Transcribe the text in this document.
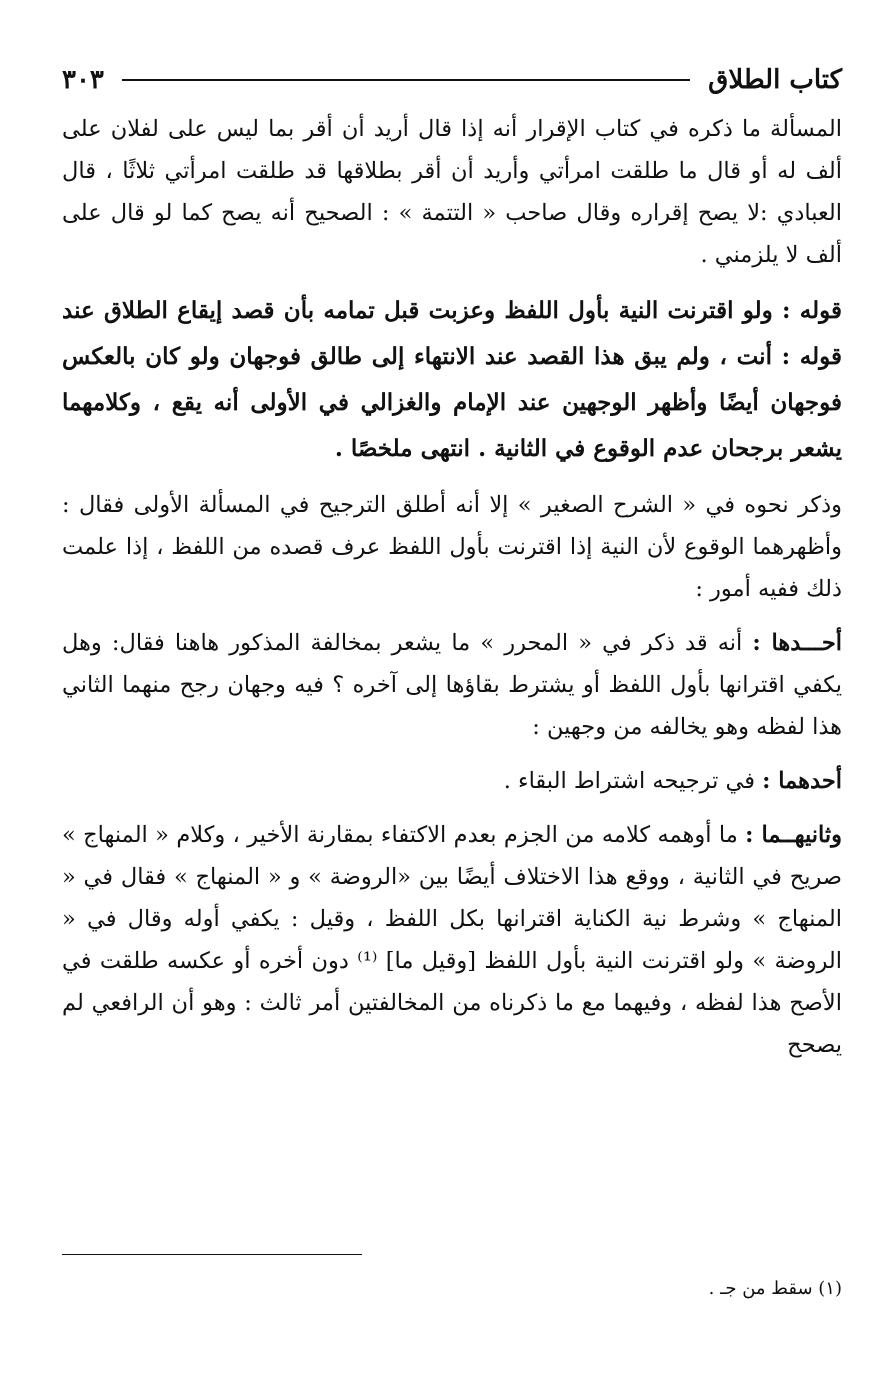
كتاب الطلاق
٣٠٣

المسألة ما ذكره في كتاب الإقرار أنه إذا قال أريد أن أقر بما ليس على لفلان على ألف له أو قال ما طلقت امرأتي وأريد أن أقر بطلاقها قد طلقت امرأتي ثلاثًا ، قال العبادي :لا يصح إقراره وقال صاحب « التتمة » : الصحيح أنه يصح كما لو قال على ألف لا يلزمني .

قوله : ولو اقترنت النية بأول اللفظ وعزبت قبل تمامه بأن قصد إيقاع الطلاق عند قوله : أنت ، ولم يبق هذا القصد عند الانتهاء إلى طالق فوجهان ولو كان بالعكس فوجهان أيضًا وأظهر الوجهين عند الإمام والغزالي في الأولى أنه يقع ، وكلامهما يشعر برجحان عدم الوقوع في الثانية . انتهى ملخصًا .

وذكر نحوه في « الشرح الصغير » إلا أنه أطلق الترجيح في المسألة الأولى فقال : وأظهرهما الوقوع لأن النية إذا اقترنت بأول اللفظ عرف قصده من اللفظ ، إذا علمت ذلك ففيه أمور :

أحـــدها : أنه قد ذكر في « المحرر » ما يشعر بمخالفة المذكور هاهنا فقال: وهل يكفي اقترانها بأول اللفظ أو يشترط بقاؤها إلى آخره ؟ فيه وجهان رجح منهما الثاني هذا لفظه وهو يخالفه من وجهين :

أحدهما : في ترجيحه اشتراط البقاء .

وثانيهــما : ما أوهمه كلامه من الجزم بعدم الاكتفاء بمقارنة الأخير ، وكلام « المنهاج » صريح في الثانية ، ووقع هذا الاختلاف أيضًا بين «الروضة » و « المنهاج » فقال في « المنهاج » وشرط نية الكناية اقترانها بكل اللفظ ، وقيل : يكفي أوله وقال في « الروضة » ولو اقترنت النية بأول اللفظ [وقيل ما] ⁽¹⁾ دون أخره أو عكسه طلقت في الأصح هذا لفظه ، وفيهما مع ما ذكرناه من المخالفتين أمر ثالث : وهو أن الرافعي لم يصحح

(١) سقط من جـ .
